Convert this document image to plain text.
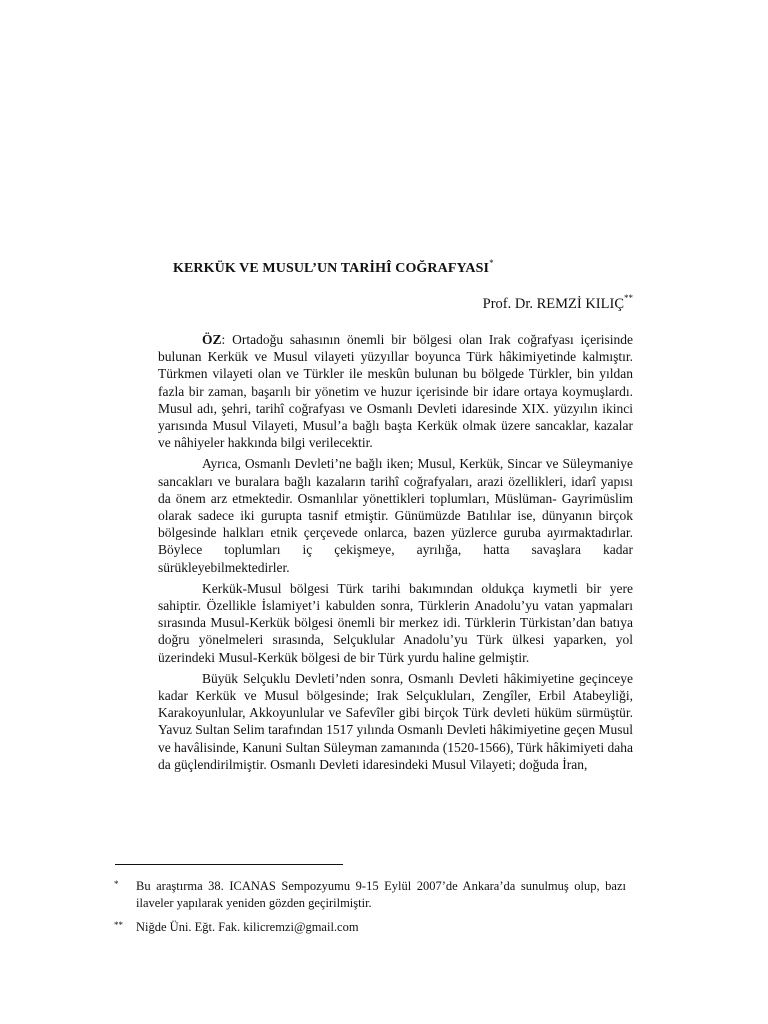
KERKÜK VE MUSUL’UN TARİHÎ COĞRAFYASI*
Prof. Dr. REMZİ KILIÇ**

ÖZ: Ortadoğu sahasının önemli bir bölgesi olan Irak coğrafyası içerisinde bulunan Kerkük ve Musul vilayeti yüzyıllar boyunca Türk hâkimiyetinde kalmıştır. Türkmen vilayeti olan ve Türkler ile meskûn bulunan bu bölgede Türkler, bin yıldan fazla bir zaman, başarılı bir yönetim ve huzur içerisinde bir idare ortaya koymuşlardı. Musul adı, şehri, tarihî coğrafyası ve Osmanlı Devleti idaresinde XIX. yüzyılın ikinci yarısında Musul Vilayeti, Musul’a bağlı başta Kerkük olmak üzere sancaklar, kazalar ve nâhiyeler hakkında bilgi verilecektir.

Ayrıca, Osmanlı Devleti’ne bağlı iken; Musul, Kerkük, Sincar ve Süleymaniye sancakları ve buralara bağlı kazaların tarihî coğrafyaları, arazi özellikleri, idarî yapısı da önem arz etmektedir. Osmanlılar yönettikleri toplumları, Müslüman- Gayrimüslim olarak sadece iki gurupta tasnif etmiştir. Günümüzde Batılılar ise, dünyanın birçok bölgesinde halkları etnik çerçevede onlarca, bazen yüzlerce guruba ayırmaktadırlar. Böylece toplumları iç çekişmeye, ayrılığa, hatta savaşlara kadar sürükleyebilmektedirler.

Kerkük-Musul bölgesi Türk tarihi bakımından oldukça kıymetli bir yere sahiptir. Özellikle İslamiyet’i kabulden sonra, Türklerin Anadolu’yu vatan yapmaları sırasında Musul-Kerkük bölgesi önemli bir merkez idi. Türklerin Türkistan’dan batıya doğru yönelmeleri sırasında, Selçuklular Anadolu’yu Türk ülkesi yaparken, yol üzerindeki Musul-Kerkük bölgesi de bir Türk yurdu haline gelmiştir.

Büyük Selçuklu Devleti’nden sonra, Osmanlı Devleti hâkimiyetine geçinceye kadar Kerkük ve Musul bölgesinde; Irak Selçukluları, Zengîler, Erbil Atabeyliği, Karakoyunlular, Akkoyunlular ve Safevîler gibi birçok Türk devleti hüküm sürmüştür. Yavuz Sultan Selim tarafından 1517 yılında Osmanlı Devleti hâkimiyetine geçen Musul ve havâlisinde, Kanuni Sultan Süleyman zamanında (1520-1566), Türk hâkimiyeti daha da güçlendirilmiştir. Osmanlı Devleti idaresindeki Musul Vilayeti; doğuda İran,

* Bu araştırma 38. ICANAS Sempozyumu 9-15 Eylül 2007’de Ankara’da sunulmuş olup, bazı ilaveler yapılarak yeniden gözden geçirilmiştir.
** Niğde Üni. Eğt. Fak. kilicremzi@gmail.com
